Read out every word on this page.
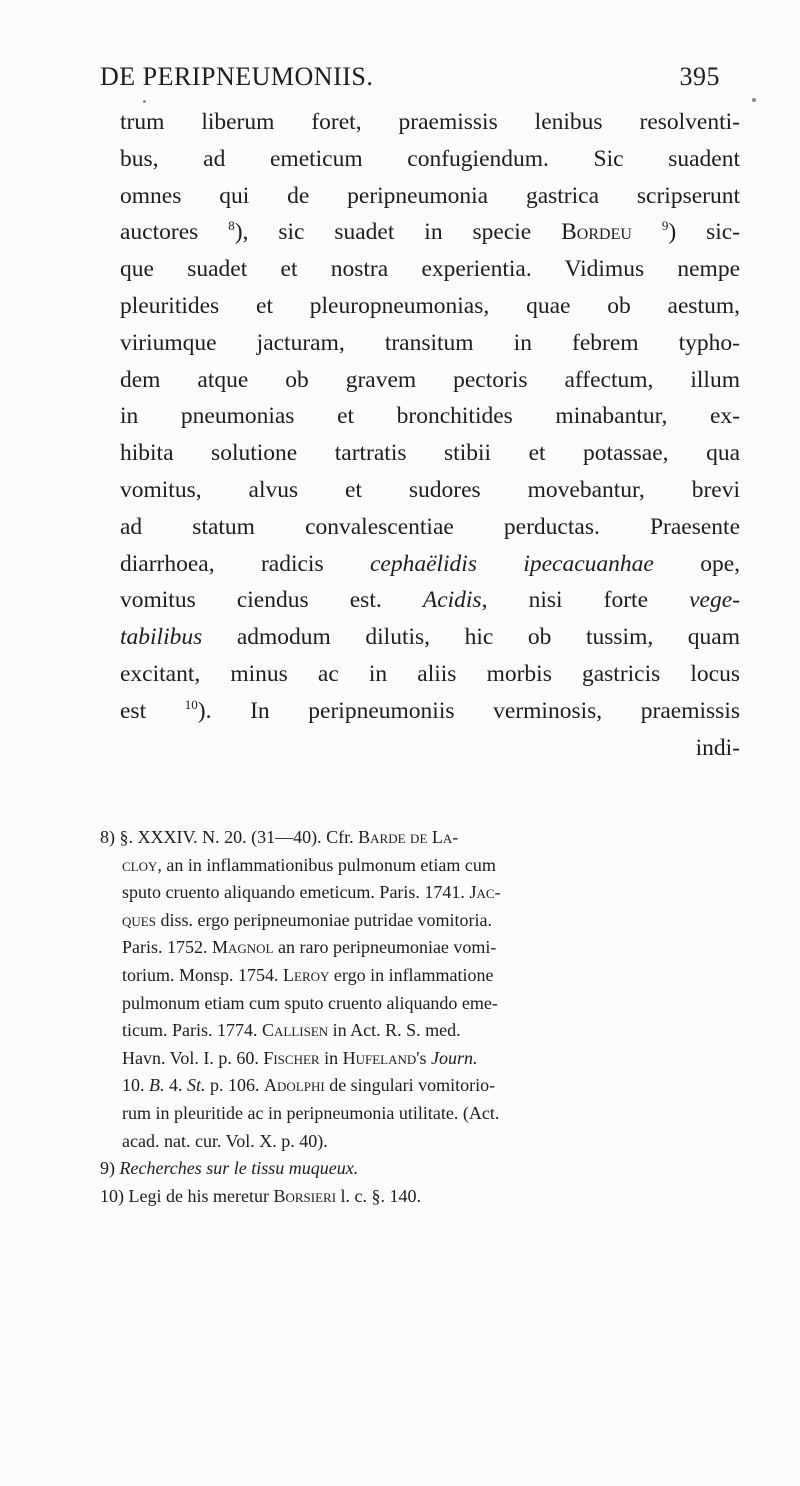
DE PERIPNEUMONIIS.	395
trum liberum foret, praemissis lenibus resolventi-
bus, ad emeticum confugiendum. Sic suadent
omnes qui de peripneumonia gastrica scripserunt
auctores $^8$), sic suadet in specie Bordeu $^9$) sic-
que suadet et nostra experientia. Vidimus nempe
pleuritides et pleuropneumonias, quae ob aestum,
viriumque jacturam, transitum in febrem typho-
dem atque ob gravem pectoris affectum, illum
in pneumonias et bronchitides minabantur, ex-
hibita solutione tartratis stibii et potassae, qua
vomitus, alvus et sudores movebantur, brevi
ad statum convalescentiae perductas. Praesente
diarrhoea, radicis cephaëlidis ipecacuanhae ope,
vomitus ciendus est. Acidis, nisi forte vege-
tabilibus admodum dilutis, hic ob tussim, quam
excitant, minus ac in aliis morbis gastricis locus
est $^{10}$). In peripneumoniis verminosis, praemissis
indi-
8) §. XXXIV. N. 20. (31—40). Cfr. Barde de La-
cloy, an in inflammationibus pulmonum etiam cum
sputo cruento aliquando emeticum. Paris. 1741. Jac-
ques diss. ergo peripneumoniae putridae vomitoria.
Paris. 1752. Magnol an raro peripneumoniae vomi-
torium. Monsp. 1754. Leroy ergo in inflammatione
pulmonum etiam cum sputo cruento aliquando eme-
ticum. Paris. 1774. Callisen in Act. R. S. med.
Havn. Vol. I. p. 60. Fischer in Hufeland's Journ.
10. B. 4. St. p. 106. Adolphi de singulari vomitorio-
rum in pleuritide ac in peripneumonia utilitate. (Act.
acad. nat. cur. Vol. X. p. 40).
9) Recherches sur le tissu muqueux.
10) Legi de his meretur Borsieri l. c. §. 140.
